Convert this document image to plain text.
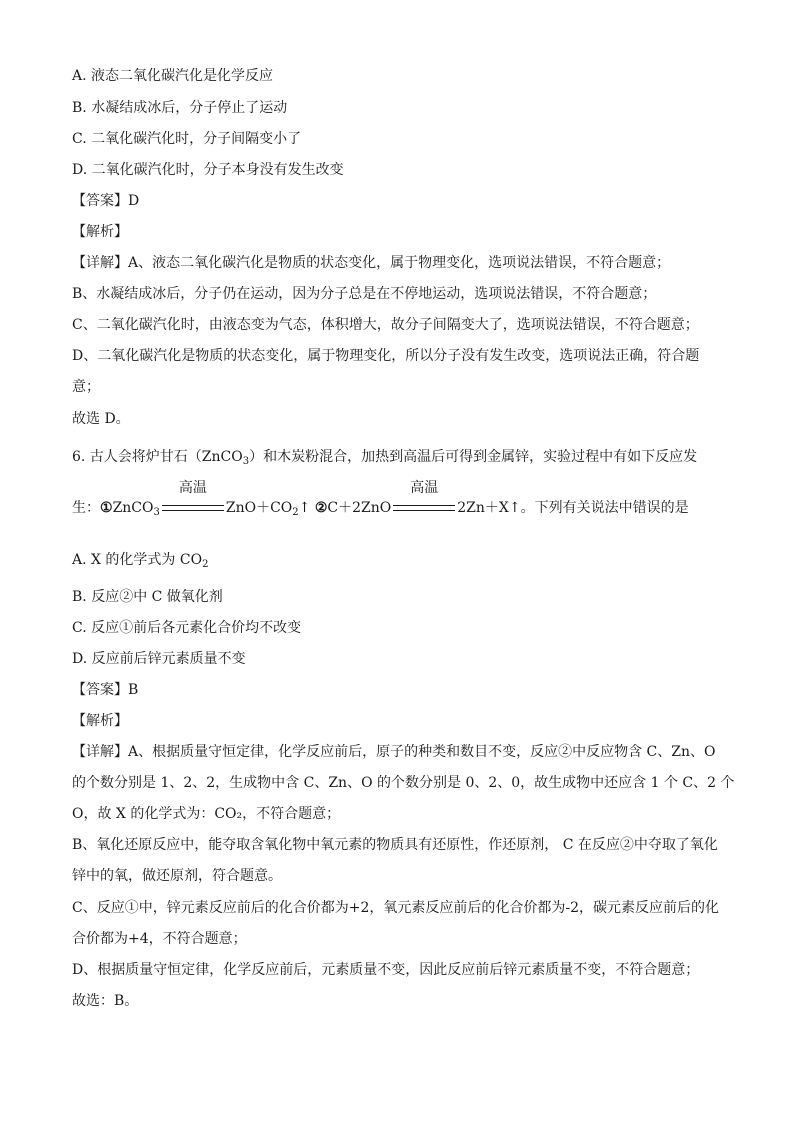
A. 液态二氧化碳汽化是化学反应
B. 水凝结成冰后，分子停止了运动
C. 二氧化碳汽化时，分子间隔变小了
D. 二氧化碳汽化时，分子本身没有发生改变
【答案】D
【解析】
【详解】A、液态二氧化碳汽化是物质的状态变化，属于物理变化，选项说法错误，不符合题意；
B、水凝结成冰后，分子仍在运动，因为分子总是在不停地运动，选项说法错误，不符合题意；
C、二氧化碳汽化时，由液态变为气态，体积增大，故分子间隔变大了，选项说法错误，不符合题意；
D、二氧化碳汽化是物质的状态变化，属于物理变化，所以分子没有发生改变，选项说法正确，符合题
意；
故选 D。
6. 古人会将炉甘石（ZnCO$_3$）和木炭粉混合，加热到高温后可得到金属锌，实验过程中有如下反应发
生：①ZnCO$_3$
高温
$ZnO+CO_2↑$ ②C＋2ZnO
高温
2Zn＋X↑。下列有关说法中错误的是
A. X 的化学式为 $CO_2$
B. 反应②中 C 做氧化剂
C. 反应①前后各元素化合价均不改变
D. 反应前后锌元素质量不变
【答案】B
【解析】
【详解】A、根据质量守恒定律，化学反应前后，原子的种类和数目不变，反应②中反应物含 C、Zn、O
的个数分别是 1、2、2，生成物中含 C、Zn、O 的个数分别是 0、2、0，故生成物中还应含 1 个 C、2 个
O，故 X 的化学式为：CO₂，不符合题意；
B、氧化还原反应中，能夺取含氧化物中氧元素的物质具有还原性，作还原剂， C 在反应②中夺取了氧化
锌中的氧，做还原剂，符合题意。
C、反应①中，锌元素反应前后的化合价都为+2，氧元素反应前后的化合价都为-2，碳元素反应前后的化
合价都为+4，不符合题意；
D、根据质量守恒定律，化学反应前后，元素质量不变，因此反应前后锌元素质量不变，不符合题意；
故选：B。
